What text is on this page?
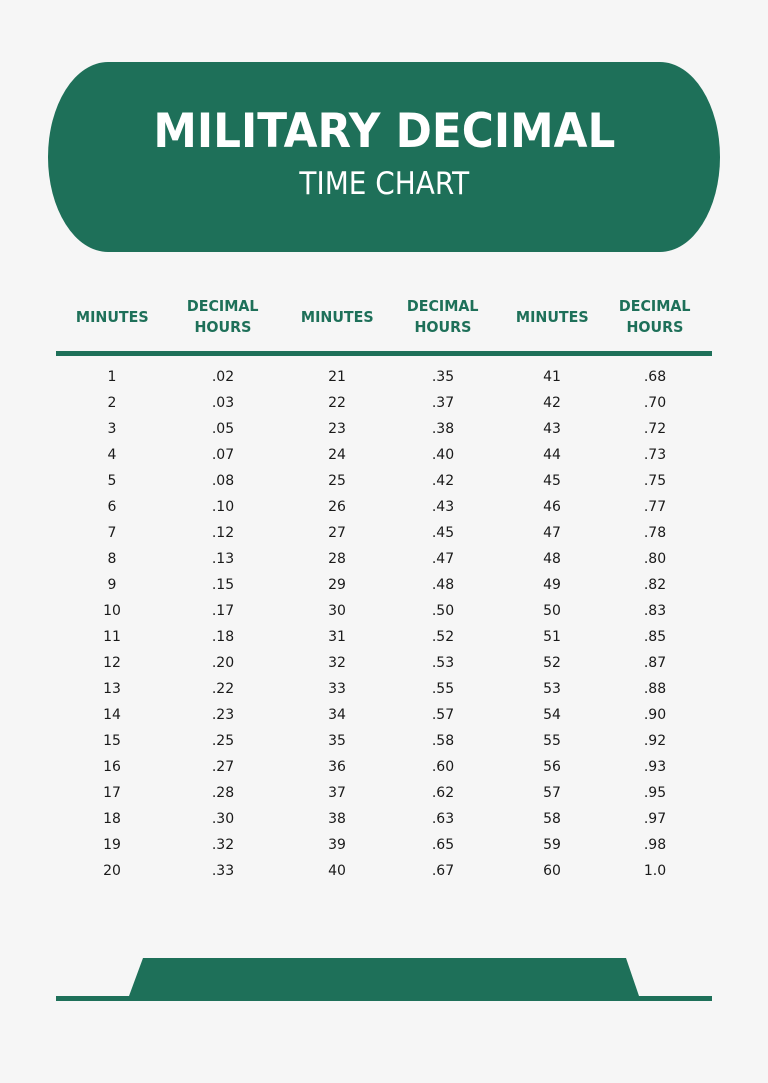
MILITARY DECIMAL
TIME CHART
MINUTES
DECIMAL
HOURS
MINUTES
DECIMAL
HOURS
MINUTES
DECIMAL
HOURS
1
2
3
4
5
6
7
8
9
10
11
12
13
14
15
16
17
18
19
20
.02
.03
.05
.07
.08
.10
.12
.13
.15
.17
.18
.20
.22
.23
.25
.27
.28
.30
.32
.33
21
22
23
24
25
26
27
28
29
30
31
32
33
34
35
36
37
38
39
40
.35
.37
.38
.40
.42
.43
.45
.47
.48
.50
.52
.53
.55
.57
.58
.60
.62
.63
.65
.67
41
42
43
44
45
46
47
48
49
50
51
52
53
54
55
56
57
58
59
60
.68
.70
.72
.73
.75
.77
.78
.80
.82
.83
.85
.87
.88
.90
.92
.93
.95
.97
.98
1.0
